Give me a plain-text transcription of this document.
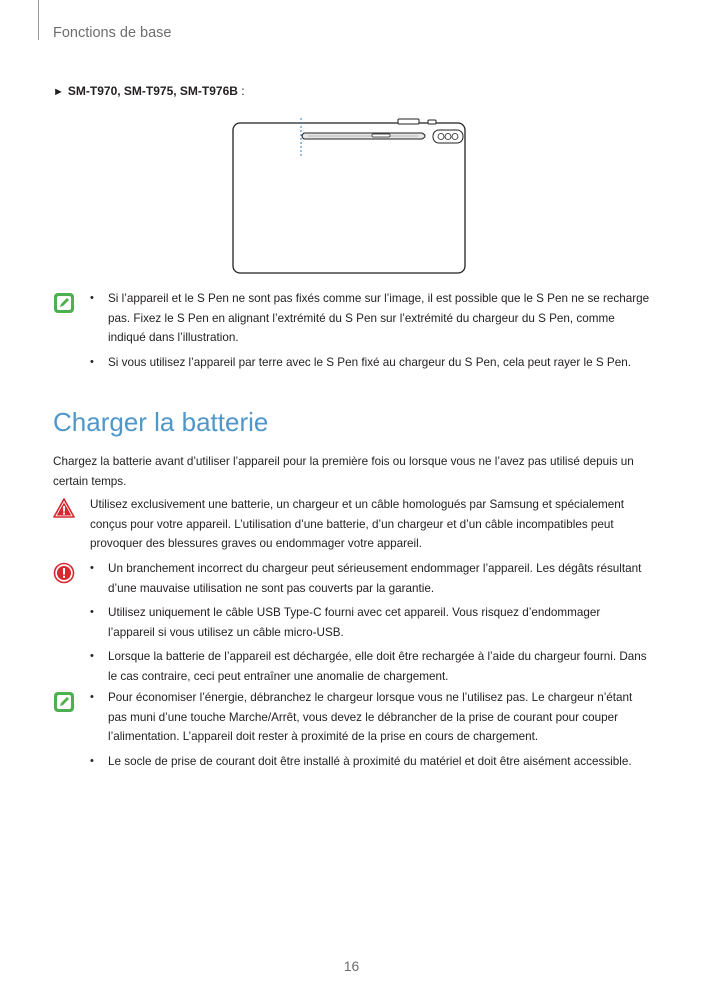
Fonctions de base
► SM-T970, SM-T975, SM-T976B :
• Si l’appareil et le S Pen ne sont pas fixés comme sur l’image, il est possible que le S Pen ne se recharge pas. Fixez le S Pen en alignant l’extrémité du S Pen sur l’extrémité du chargeur du S Pen, comme indiqué dans l’illustration.
• Si vous utilisez l’appareil par terre avec le S Pen fixé au chargeur du S Pen, cela peut rayer le S Pen.
Charger la batterie
Chargez la batterie avant d’utiliser l’appareil pour la première fois ou lorsque vous ne l’avez pas utilisé depuis un certain temps.
Utilisez exclusivement une batterie, un chargeur et un câble homologués par Samsung et spécialement conçus pour votre appareil. L’utilisation d’une batterie, d’un chargeur et d’un câble incompatibles peut provoquer des blessures graves ou endommager votre appareil.
• Un branchement incorrect du chargeur peut sérieusement endommager l’appareil. Les dégâts résultant d’une mauvaise utilisation ne sont pas couverts par la garantie.
• Utilisez uniquement le câble USB Type-C fourni avec cet appareil. Vous risquez d’endommager l’appareil si vous utilisez un câble micro-USB.
• Lorsque la batterie de l’appareil est déchargée, elle doit être rechargée à l’aide du chargeur fourni. Dans le cas contraire, ceci peut entraîner une anomalie de chargement.
• Pour économiser l’énergie, débranchez le chargeur lorsque vous ne l’utilisez pas. Le chargeur n’étant pas muni d’une touche Marche/Arrêt, vous devez le débrancher de la prise de courant pour couper l’alimentation. L’appareil doit rester à proximité de la prise en cours de chargement.
• Le socle de prise de courant doit être installé à proximité du matériel et doit être aisément accessible.
16
